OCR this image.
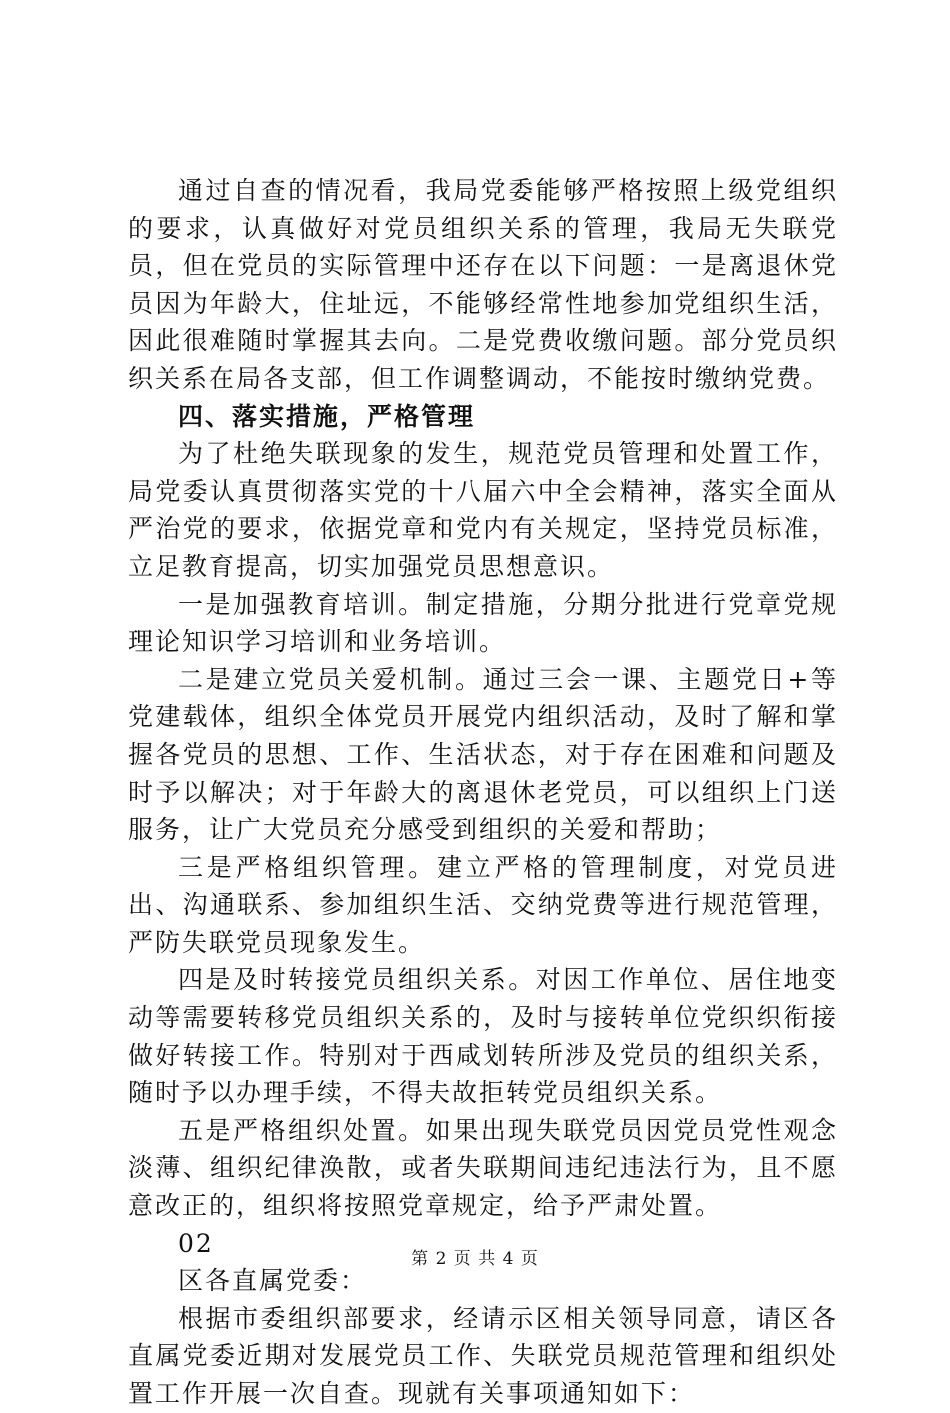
通过自查的情况看，我局党委能够严格按照上级党组织的要求，认真做好对党员组织关系的管理，我局无失联党员，但在党员的实际管理中还存在以下问题：一是离退休党员因为年龄大，住址远，不能够经常性地参加党组织生活，因此很难随时掌握其去向。二是党费收缴问题。部分党员织织关系在局各支部，但工作调整调动，不能按时缴纳党费。

四、落实措施，严格管理

为了杜绝失联现象的发生，规范党员管理和处置工作，局党委认真贯彻落实党的十八届六中全会精神，落实全面从严治党的要求，依据党章和党内有关规定，坚持党员标准，立足教育提高，切实加强党员思想意识。

一是加强教育培训。制定措施，分期分批进行党章党规理论知识学习培训和业务培训。

二是建立党员关爱机制。通过三会一课、主题党日+等党建载体，组织全体党员开展党内组织活动，及时了解和掌握各党员的思想、工作、生活状态，对于存在困难和问题及时予以解决；对于年龄大的离退休老党员，可以组织上门送服务，让广大党员充分感受到组织的关爱和帮助；

三是严格组织管理。建立严格的管理制度，对党员进出、沟通联系、参加组织生活、交纳党费等进行规范管理，严防失联党员现象发生。

四是及时转接党员组织关系。对因工作单位、居住地变动等需要转移党员组织关系的，及时与接转单位党织织衔接做好转接工作。特别对于西咸划转所涉及党员的组织关系，随时予以办理手续，不得夫故拒转党员组织关系。

五是严格组织处置。如果出现失联党员因党员党性观念淡薄、组织纪律涣散，或者失联期间违纪违法行为，且不愿意改正的，组织将按照党章规定，给予严肃处置。

02

区各直属党委：

根据市委组织部要求，经请示区相关领导同意，请区各直属党委近期对发展党员工作、失联党员规范管理和组织处置工作开展一次自查。现就有关事项通知如下：

第 2 页 共 4 页
